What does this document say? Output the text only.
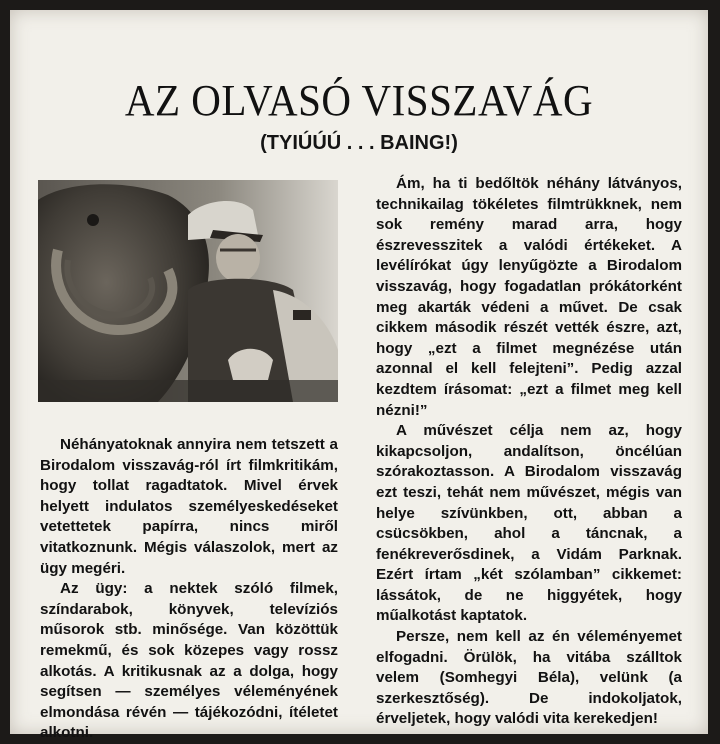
AZ OLVASÓ VISSZAVÁG
(TYIÚÚÚ . . . BAING!)

Néhányatoknak annyira nem tetszett a Birodalom visszavág-ról írt filmkritikám, hogy tollat ragadtatok. Mivel érvek helyett indulatos személyeskedéseket vetettetek papírra, nincs miről vitatkoznunk. Mégis válaszolok, mert az ügy megéri.

Az ügy: a nektek szóló filmek, színdarabok, könyvek, televíziós műsorok stb. minősége. Van közöttük remekmű, és sok közepes vagy rossz alkotás. A kritikusnak az a dolga, hogy segítsen — személyes véleményének elmondása révén — tájékozódni, ítéletet alkotni.

Ám, ha ti bedőltök néhány látványos, technikailag tökéletes filmtrükknek, nem sok remény marad arra, hogy észrevesszitek a valódi értékeket. A levélírókat úgy lenyűgözte a Birodalom visszavág, hogy fogadatlan prókátorként meg akarták védeni a művet. De csak cikkem második részét vették észre, azt, hogy „ezt a filmet megnézése után azonnal el kell felejteni”. Pedig azzal kezdtem írásomat: „ezt a filmet meg kell nézni!”

A művészet célja nem az, hogy kikapcsoljon, andalítson, öncélúan szórakoztasson. A Birodalom visszavág ezt teszi, tehát nem művészet, mégis van helye szívünkben, ott, abban a csücsökben, ahol a táncnak, a fenékreverősdinek, a Vidám Parknak. Ezért írtam „két szólamban” cikkemet: lássátok, de ne higgyétek, hogy műalkotást kaptatok.

Persze, nem kell az én véleményemet elfogadni. Örülök, ha vitába szálltok velem (Somhegyi Béla), velünk (a szerkesztőség). De indokoljatok, érveljetek, hogy valódi vita kerekedjen!
